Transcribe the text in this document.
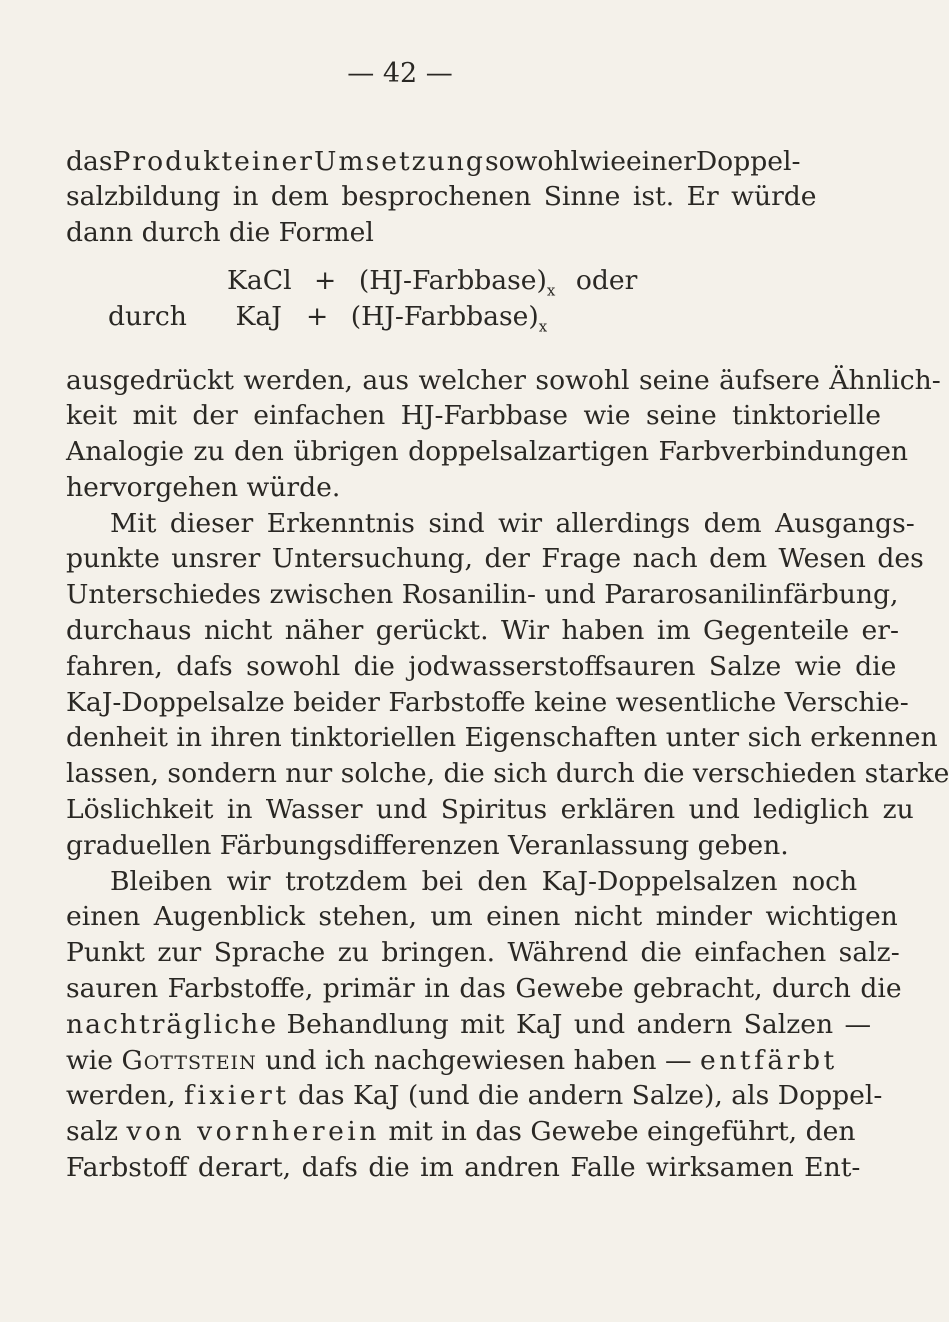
— 42 —
das Produkt einer Umsetzung sowohl wie einer Doppel-
salzbildung in dem besprochenen Sinne ist. Er würde
dann durch die Formel
KaCl + $(HJ-Farbbase)_x$ oder
durch KaJ + $(HJ-Farbbase)_x$
ausgedrückt werden, aus welcher sowohl seine äufsere Ähnlich-
keit mit der einfachen HJ-Farbbase wie seine tinktorielle
Analogie zu den übrigen doppelsalzartigen Farbverbindungen
hervorgehen würde.
Mit dieser Erkenntnis sind wir allerdings dem Ausgangs-
punkte unsrer Untersuchung, der Frage nach dem Wesen des
Unterschiedes zwischen Rosanilin- und Pararosanilinfärbung,
durchaus nicht näher gerückt. Wir haben im Gegenteile er-
fahren, dafs sowohl die jodwasserstoffsauren Salze wie die
KaJ-Doppelsalze beider Farbstoffe keine wesentliche Verschie-
denheit in ihren tinktoriellen Eigenschaften unter sich erkennen
lassen, sondern nur solche, die sich durch die verschieden starke
Löslichkeit in Wasser und Spiritus erklären und lediglich zu
graduellen Färbungsdifferenzen Veranlassung geben.
Bleiben wir trotzdem bei den KaJ-Doppelsalzen noch
einen Augenblick stehen, um einen nicht minder wichtigen
Punkt zur Sprache zu bringen. Während die einfachen salz-
sauren Farbstoffe, primär in das Gewebe gebracht, durch die
nachträgliche Behandlung mit KaJ und andern Salzen —
wie Gottstein und ich nachgewiesen haben — entfärbt
werden, fixiert das KaJ (und die andern Salze), als Doppel-
salz von vornherein mit in das Gewebe eingeführt, den
Farbstoff derart, dafs die im andren Falle wirksamen Ent-
